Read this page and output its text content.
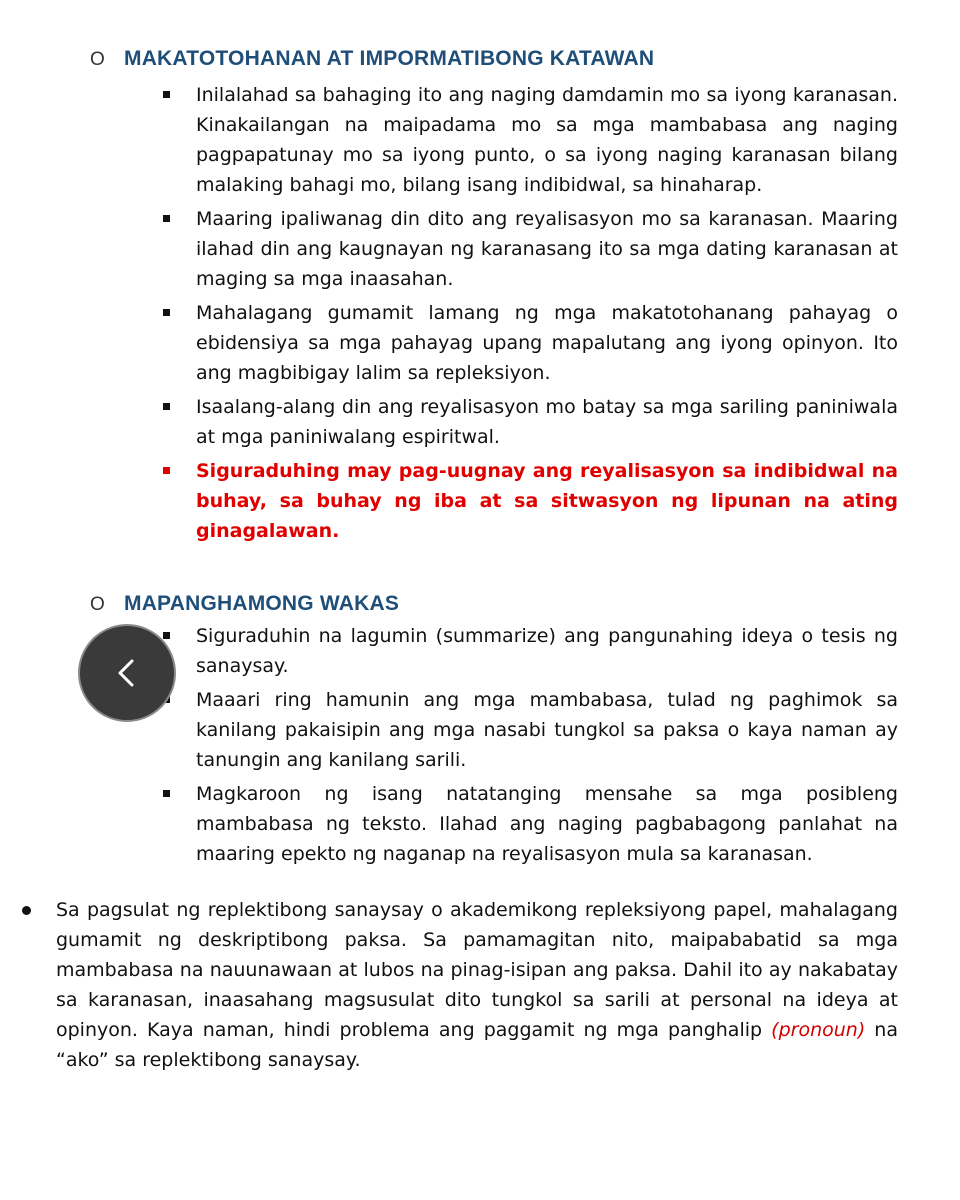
O MAKATOTOHANAN AT IMPORMATIBONG KATAWAN
Inilalahad sa bahaging ito ang naging damdamin mo sa iyong karanasan. Kinakailangan na maipadama mo sa mga mambabasa ang naging pagpapatunay mo sa iyong punto, o sa iyong naging karanasan bilang malaking bahagi mo, bilang isang indibidwal, sa hinaharap.
Maaring ipaliwanag din dito ang reyalisasyon mo sa karanasan. Maaring ilahad din ang kaugnayan ng karanasang ito sa mga dating karanasan at maging sa mga inaasahan.
Mahalagang gumamit lamang ng mga makatotohanang pahayag o ebidensiya sa mga pahayag upang mapalutang ang iyong opinyon. Ito ang magbibigay lalim sa repleksiyon.
Isaalang-alang din ang reyalisasyon mo batay sa mga sariling paniniwala at mga paniniwalang espiritwal.
Siguraduhing may pag-uugnay ang reyalisasyon sa indibidwal na buhay, sa buhay ng iba at sa sitwasyon ng lipunan na ating ginagalawan.
O MAPANGHAMONG WAKAS
Siguraduhin na lagumin (summarize) ang pangunahing ideya o tesis ng sanaysay.
Maaari ring hamunin ang mga mambabasa, tulad ng paghimok sa kanilang pakaisipin ang mga nasabi tungkol sa paksa o kaya naman ay tanungin ang kanilang sarili.
Magkaroon ng isang natatanging mensahe sa mga posibleng mambabasa ng teksto. Ilahad ang naging pagbabagong panlahat na maaring epekto ng naganap na reyalisasyon mula sa karanasan.
Sa pagsulat ng replektibong sanaysay o akademikong repleksiyong papel, mahalagang gumamit ng deskriptibong paksa. Sa pamamagitan nito, maipababatid sa mga mambabasa na nauunawaan at lubos na pinag-isipan ang paksa. Dahil ito ay nakabatay sa karanasan, inaasahang magsusulat dito tungkol sa sarili at personal na ideya at opinyon. Kaya naman, hindi problema ang paggamit ng mga panghalip (pronoun) na “ako” sa replektibong sanaysay.
